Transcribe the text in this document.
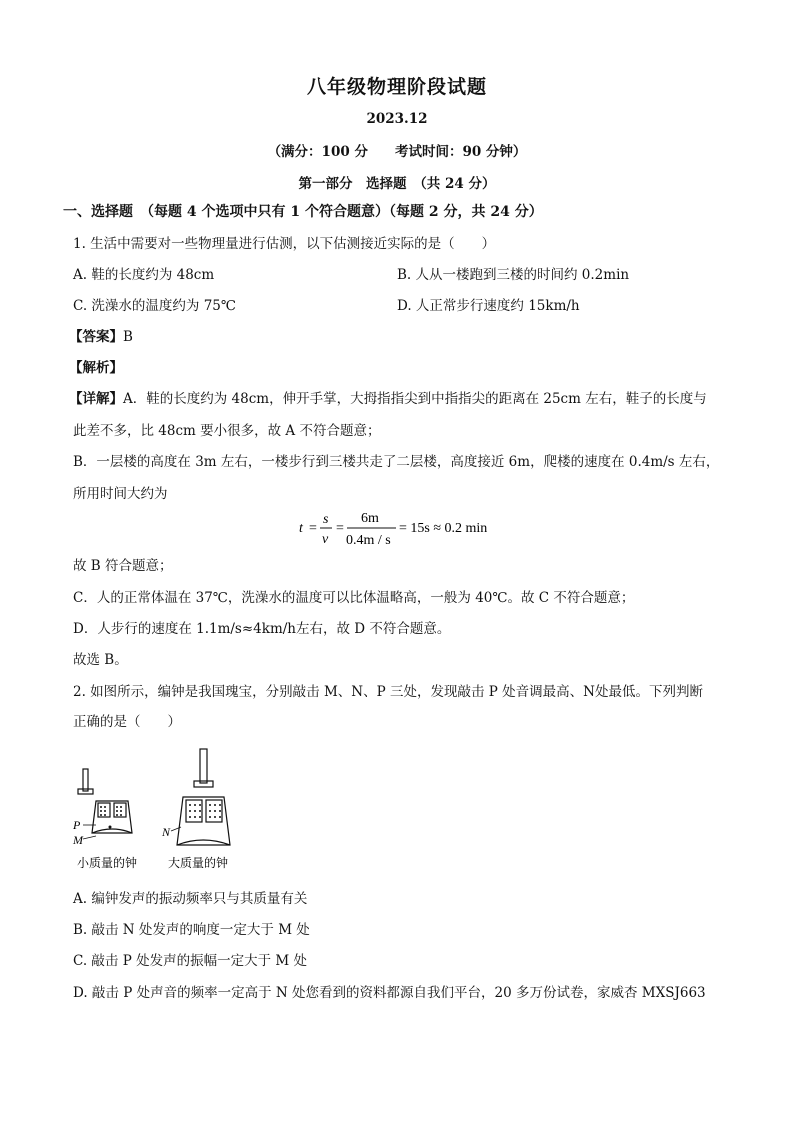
八年级物理阶段试题
2023.12
（满分：100 分　　考试时间：90 分钟）
第一部分　选择题　（共 24 分）
一、选择题　（每题 4 个选项中只有 1 个符合题意）（每题 2 分，共 24 分）
1. 生活中需要对一些物理量进行估测，以下估测接近实际的是（　　）
A. 鞋的长度约为 48cm	B. 人从一楼跑到三楼的时间约 0.2min
C. 洗澡水的温度约为 75℃	D. 人正常步行速度约 15km/h
【答案】B
【解析】
【详解】A．鞋的长度约为 48cm，伸开手掌，大拇指指尖到中指指尖的距离在 25cm 左右，鞋子的长度与
此差不多，比 48cm 要小很多，故 A 不符合题意；
B．一层楼的高度在 3m 左右，一楼步行到三楼共走了二层楼，高度接近 6m，爬楼的速度在 0.4m/s 左右，
所用时间大约为
t =
s
v
=
6m
0.4m / s
= 15s ≈ 0.2 min
故 B 符合题意；
C．人的正常体温在 37℃，洗澡水的温度可以比体温略高，一般为 40℃。故 C 不符合题意；
D．人步行的速度在 1.1m/s≈4km/h左右，故 D 不符合题意。
故选 B。
2. 如图所示，编钟是我国瑰宝，分别敲击 M、N、P 三处，发现敲击 P 处音调最高、N处最低。下列判断
正确的是（　　）
P
M
小质量的钟
N
大质量的钟
A. 编钟发声的振动频率只与其质量有关
B. 敲击 N 处发声的响度一定大于 M 处
C. 敲击 P 处发声的振幅一定大于 M 处
D. 敲击 P 处声音的频率一定高于 N 处您看到的资料都源自我们平台，20 多万份试卷，家威杏 MXSJ663
